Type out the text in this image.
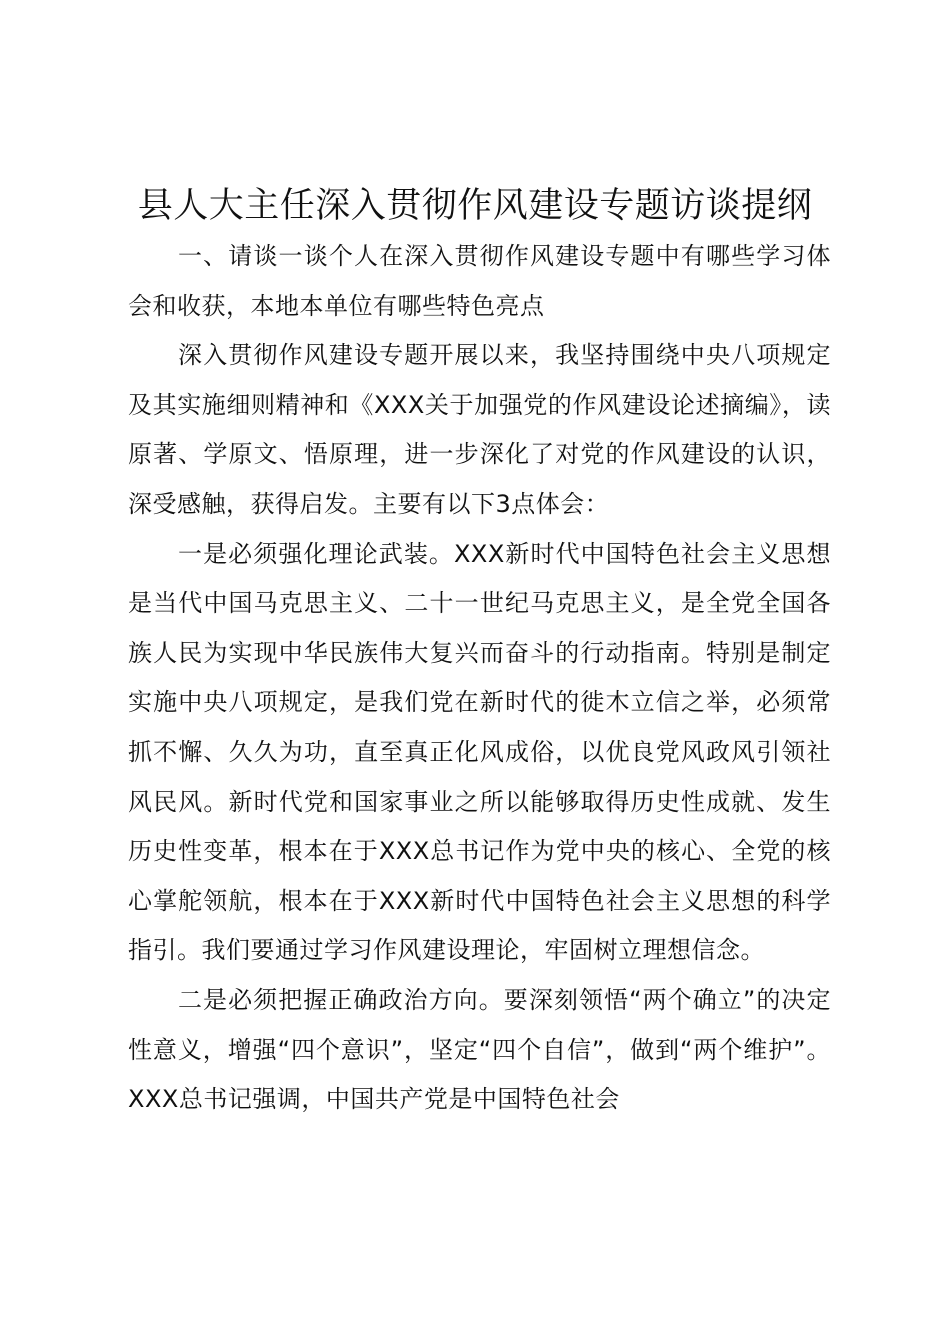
县人大主任深入贯彻作风建设专题访谈提纲

一、请谈一谈个人在深入贯彻作风建设专题中有哪些学习体会和收获，本地本单位有哪些特色亮点

深入贯彻作风建设专题开展以来，我坚持围绕中央八项规定及其实施细则精神和《XXX关于加强党的作风建设论述摘编》，读原著、学原文、悟原理，进一步深化了对党的作风建设的认识，深受感触，获得启发。主要有以下3点体会：

一是必须强化理论武装。XXX新时代中国特色社会主义思想是当代中国马克思主义、二十一世纪马克思主义，是全党全国各族人民为实现中华民族伟大复兴而奋斗的行动指南。特别是制定实施中央八项规定，是我们党在新时代的徙木立信之举，必须常抓不懈、久久为功，直至真正化风成俗，以优良党风政风引领社风民风。新时代党和国家事业之所以能够取得历史性成就、发生历史性变革，根本在于XXX总书记作为党中央的核心、全党的核心掌舵领航，根本在于XXX新时代中国特色社会主义思想的科学指引。我们要通过学习作风建设理论，牢固树立理想信念。

二是必须把握正确政治方向。要深刻领悟“两个确立”的决定性意义，增强“四个意识”，坚定“四个自信”，做到“两个维护”。XXX总书记强调，中国共产党是中国特色社会
